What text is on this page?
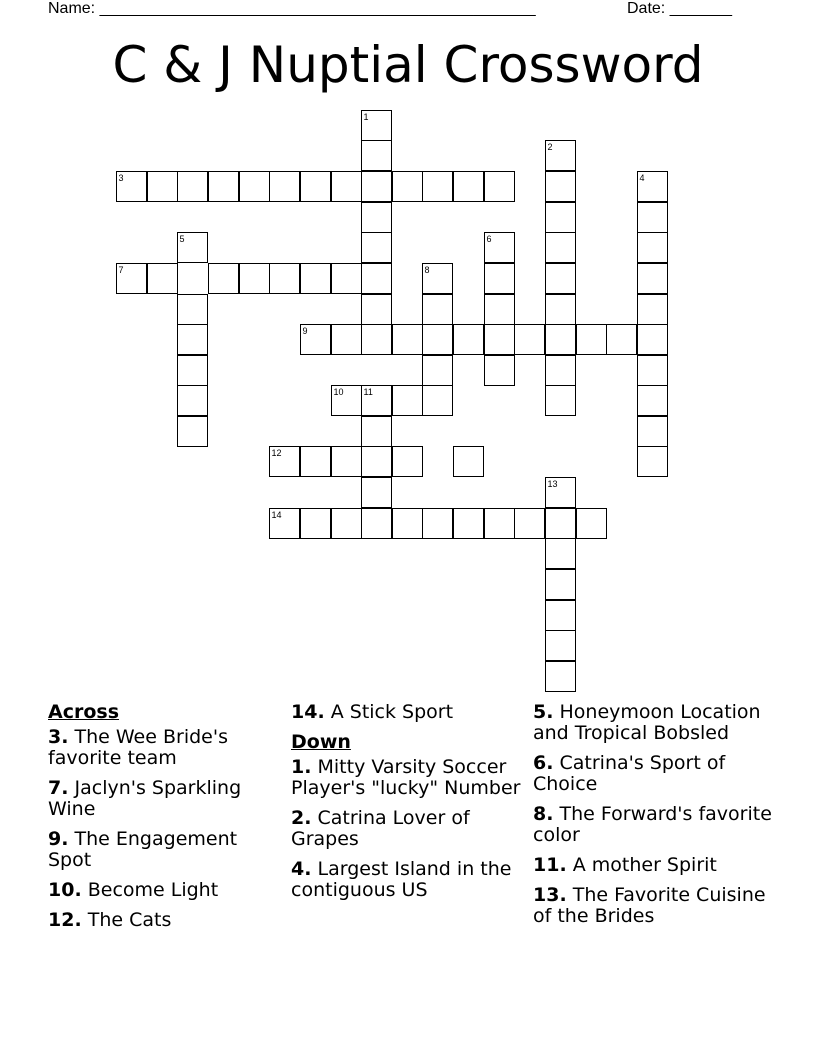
Name: _________________________________________________	Date: _______
C & J Nuptial Crossword
1
2
3	4
5	6
7	8
9
10 11
12
13
14
Across
3. The Wee Bride's favorite team
7. Jaclyn's Sparkling Wine
9. The Engagement Spot
10. Become Light
12. The Cats
14. A Stick Sport
Down
1. Mitty Varsity Soccer Player's "lucky" Number
2. Catrina Lover of Grapes
4. Largest Island in the contiguous US
5. Honeymoon Location and Tropical Bobsled
6. Catrina's Sport of Choice
8. The Forward's favorite color
11. A mother Spirit
13. The Favorite Cuisine of the Brides
